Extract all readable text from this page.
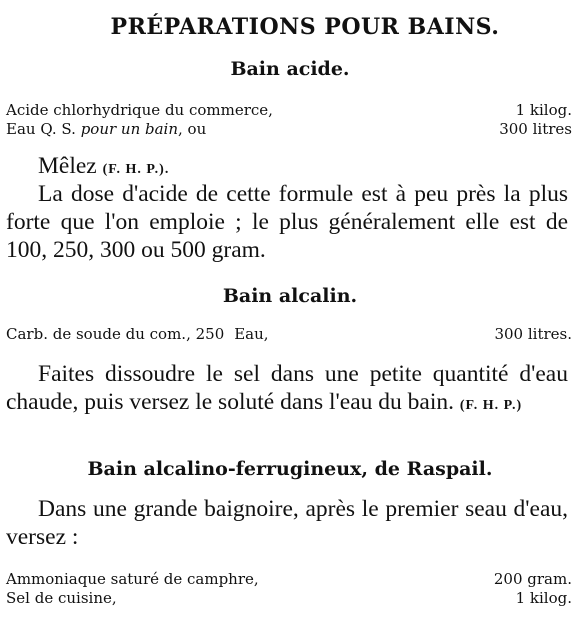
PRÉPARATIONS POUR BAINS.
Bain acide.
Acide chlorhydrique du commerce,	1 kilog.
Eau Q. S. pour un bain, ou	300 litres
Mêlez (F. H. P.).
La dose d'acide de cette formule est à peu près la plus forte que l'on emploie ; le plus généralement elle est de 100, 250, 300 ou 500 gram.
Bain alcalin.
Carb. de soude du com., 250 Eau,	300 litres.
Faites dissoudre le sel dans une petite quantité d'eau chaude, puis versez le soluté dans l'eau du bain. (F. H. P.)
Bain alcalino-ferrugineux, de Raspail.
Dans une grande baignoire, après le premier seau d'eau, versez :
Ammoniaque saturé de camphre,	200 gram.
Sel de cuisine,	1 kilog.
